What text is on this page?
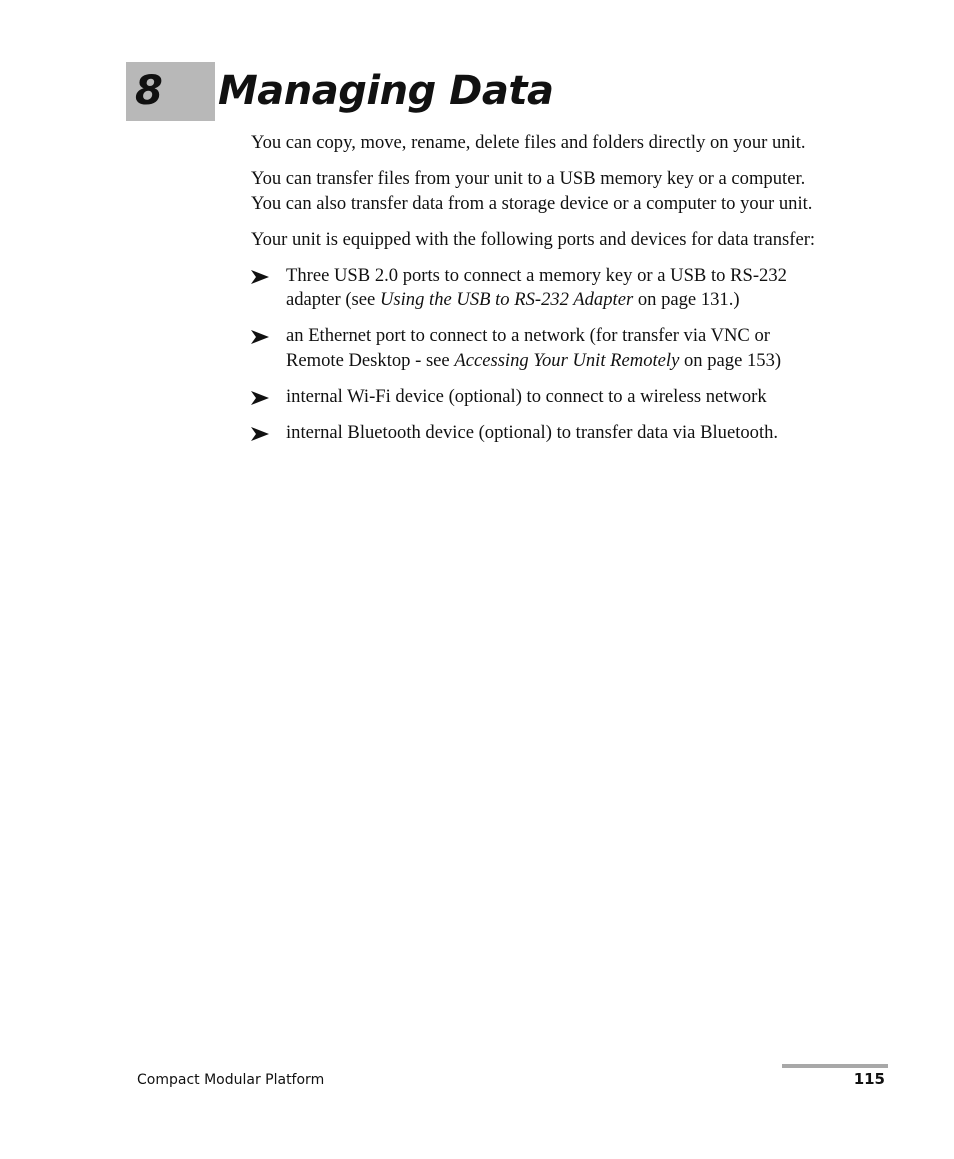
8 Managing Data

You can copy, move, rename, delete files and folders directly on your unit.

You can transfer files from your unit to a USB memory key or a computer.
You can also transfer data from a storage device or a computer to your unit.

Your unit is equipped with the following ports and devices for data transfer:

Three USB 2.0 ports to connect a memory key or a USB to RS-232
adapter (see Using the USB to RS-232 Adapter on page 131.)
an Ethernet port to connect to a network (for transfer via VNC or
Remote Desktop - see Accessing Your Unit Remotely on page 153)
internal Wi-Fi device (optional) to connect to a wireless network
internal Bluetooth device (optional) to transfer data via Bluetooth.
Compact Modular Platform	115
